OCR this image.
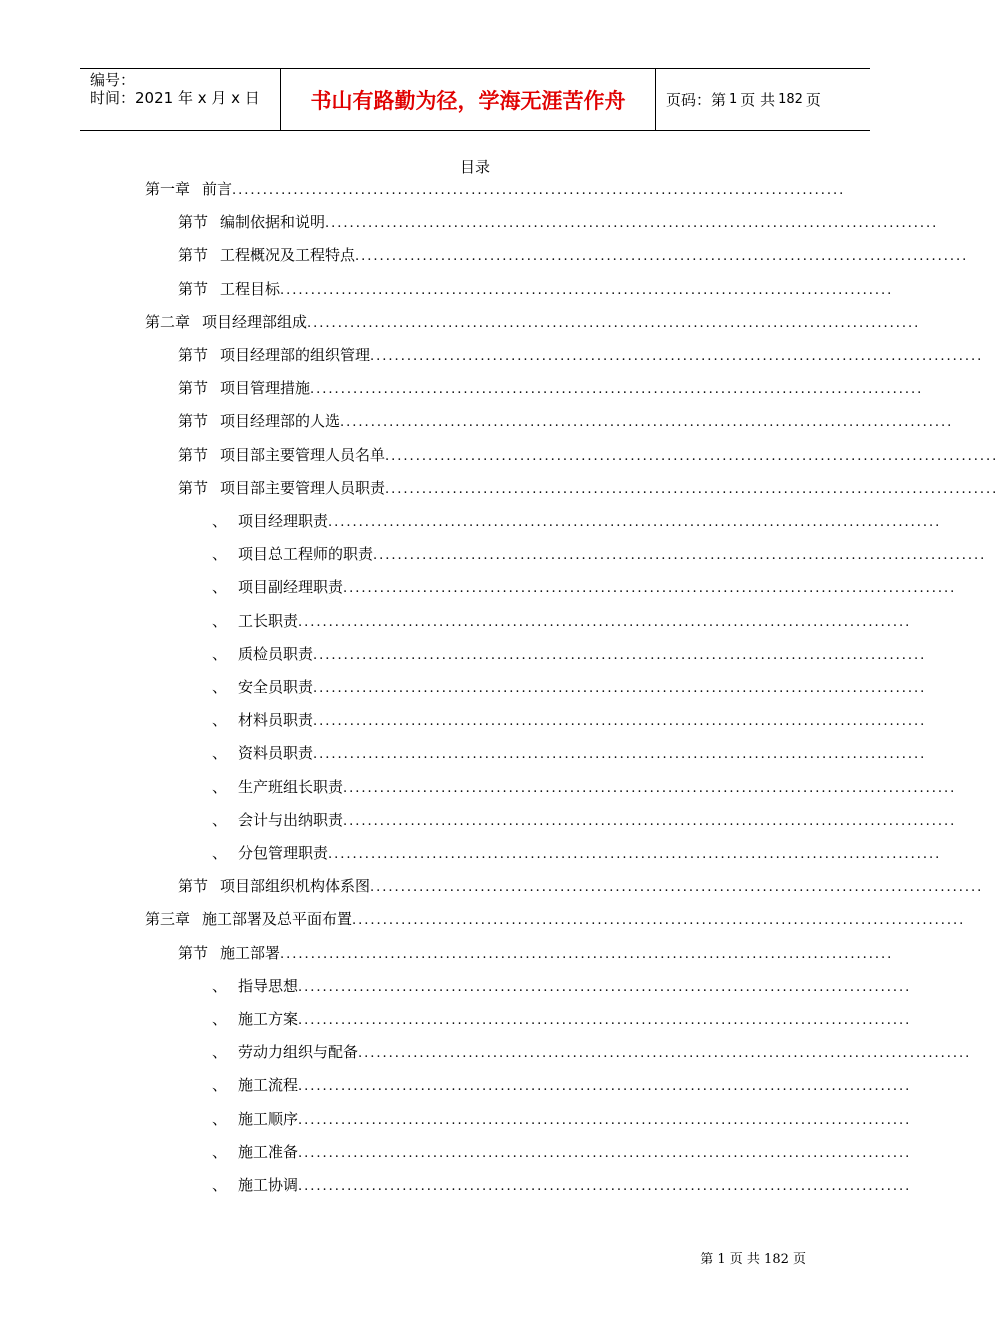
编号：
时间：2021 年 x 月 x 日	书山有路勤为径，学海无涯苦作舟	页码：第 1 页 共 182 页
目录
第一章 前言 ....................................................................................................
第节 编制依据和说明 ....................................................................................................
第节 工程概况及工程特点 ....................................................................................................
第节 工程目标 ....................................................................................................
第二章 项目经理部组成 ....................................................................................................
第节 项目经理部的组织管理 ....................................................................................................
第节 项目管理措施 ....................................................................................................
第节 项目经理部的人选 ....................................................................................................
第节 项目部主要管理人员名单 ....................................................................................................
第节 项目部主要管理人员职责 ....................................................................................................
、 项目经理职责 ....................................................................................................
、 项目总工程师的职责 ....................................................................................................
、 项目副经理职责 ....................................................................................................
、 工长职责 ....................................................................................................
、 质检员职责 ....................................................................................................
、 安全员职责 ....................................................................................................
、 材料员职责 ....................................................................................................
、 资料员职责 ....................................................................................................
、 生产班组长职责 ....................................................................................................
、 会计与出纳职责 ....................................................................................................
、 分包管理职责 ....................................................................................................
第节 项目部组织机构体系图 ....................................................................................................
第三章 施工部署及总平面布置 ....................................................................................................
第节 施工部署 ....................................................................................................
、 指导思想 ....................................................................................................
、 施工方案 ....................................................................................................
、 劳动力组织与配备 ....................................................................................................
、 施工流程 ....................................................................................................
、 施工顺序 ....................................................................................................
、 施工准备 ....................................................................................................
、 施工协调 ....................................................................................................
第 1 页 共 182 页
